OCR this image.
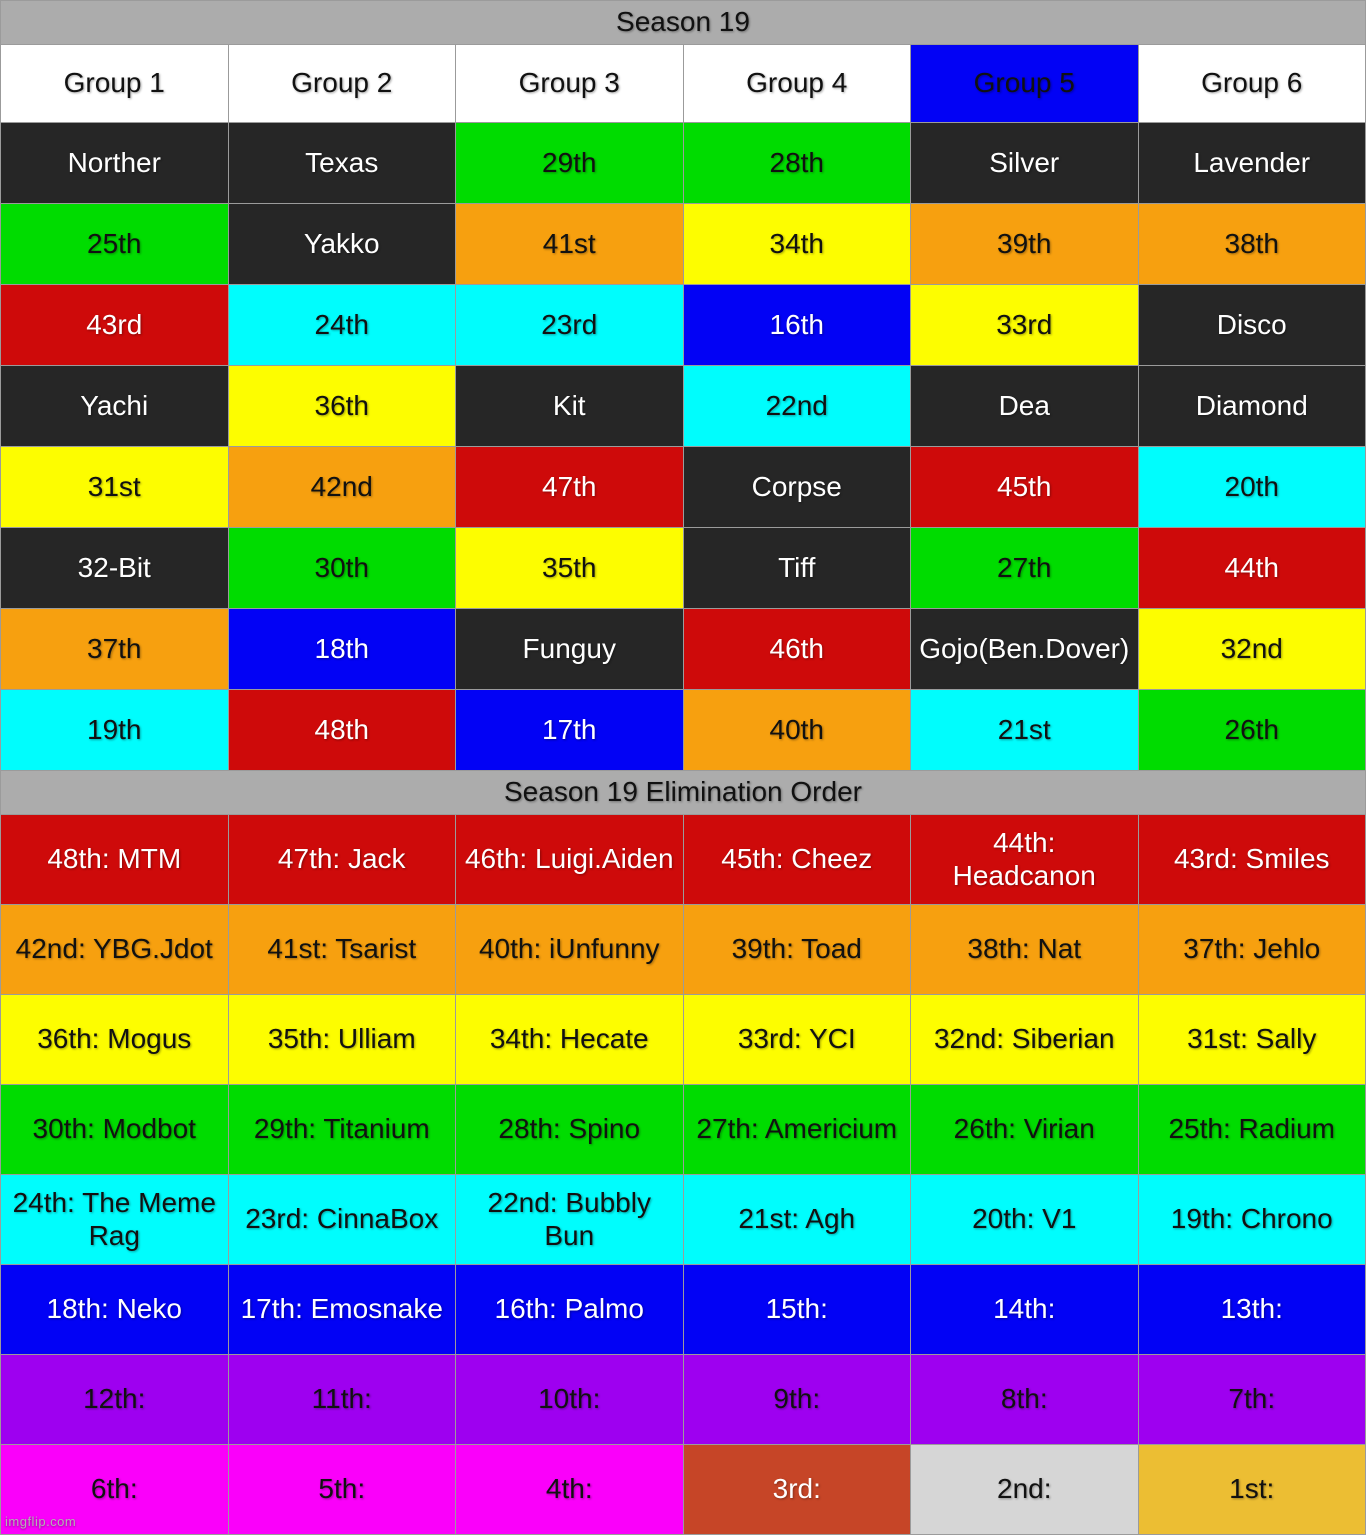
Season 19					
Group 1	Group 2	Group 3	Group 4	Group 5	Group 6
Norther	Texas	29th	28th	Silver	Lavender
25th	Yakko	41st	34th	39th	38th
43rd	24th	23rd	16th	33rd	Disco
Yachi	36th	Kit	22nd	Dea	Diamond
31st	42nd	47th	Corpse	45th	20th
32-Bit	30th	35th	Tiff	27th	44th
37th	18th	Funguy	46th	Gojo(Ben.Dover)	32nd
19th	48th	17th	40th	21st	26th
Season 19 Elimination Order					
48th: MTM	47th: Jack	46th: Luigi.Aiden	45th: Cheez	44th: Headcanon	43rd: Smiles
42nd: YBG.Jdot	41st: Tsarist	40th: iUnfunny	39th: Toad	38th: Nat	37th: Jehlo
36th: Mogus	35th: Ulliam	34th: Hecate	33rd: YCI	32nd: Siberian	31st: Sally
30th: Modbot	29th: Titanium	28th: Spino	27th: Americium	26th: Virian	25th: Radium
24th: The Meme Rag	23rd: CinnaBox	22nd: Bubbly Bun	21st: Agh	20th: V1	19th: Chrono
18th: Neko	17th: Emosnake	16th: Palmo	15th:	14th:	13th:
12th:	11th:	10th:	9th:	8th:	7th:
6th:	5th:	4th:	3rd:	2nd:	1st:
imgflip.com
